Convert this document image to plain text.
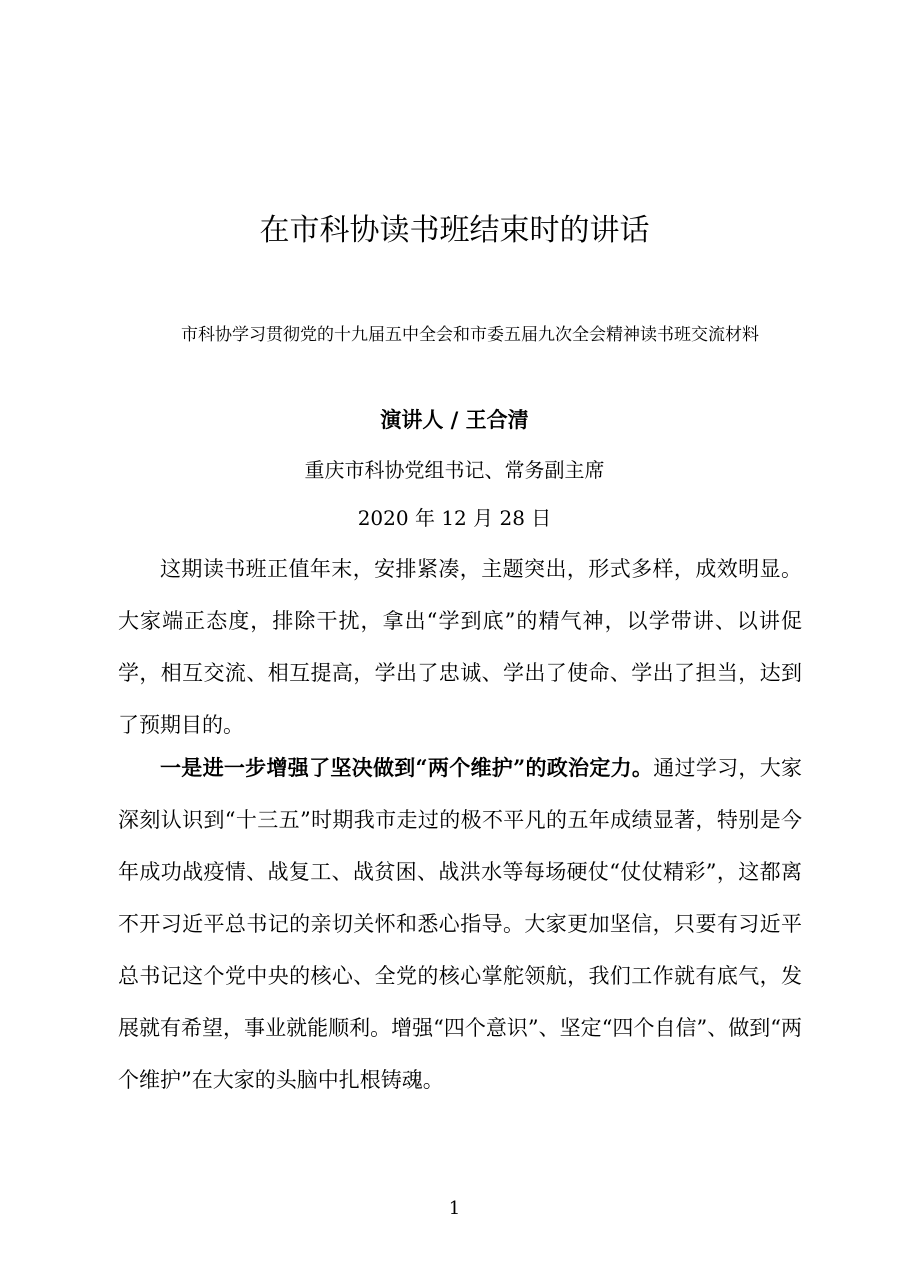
在市科协读书班结束时的讲话

市科协学习贯彻党的十九届五中全会和市委五届九次全会精神读书班交流材料

演讲人 / 王合清

重庆市科协党组书记、常务副主席

2020 年 12 月 28 日

这期读书班正值年末，安排紧凑，主题突出，形式多样，成效明显。大家端正态度，排除干扰，拿出“学到底”的精气神，以学带讲、以讲促学，相互交流、相互提高，学出了忠诚、学出了使命、学出了担当，达到了预期目的。

一是进一步增强了坚决做到“两个维护”的政治定力。通过学习，大家深刻认识到“十三五”时期我市走过的极不平凡的五年成绩显著，特别是今年成功战疫情、战复工、战贫困、战洪水等每场硬仗“仗仗精彩”，这都离不开习近平总书记的亲切关怀和悉心指导。大家更加坚信，只要有习近平总书记这个党中央的核心、全党的核心掌舵领航，我们工作就有底气，发展就有希望，事业就能顺利。增强“四个意识”、坚定“四个自信”、做到“两个维护”在大家的头脑中扎根铸魂。

1
